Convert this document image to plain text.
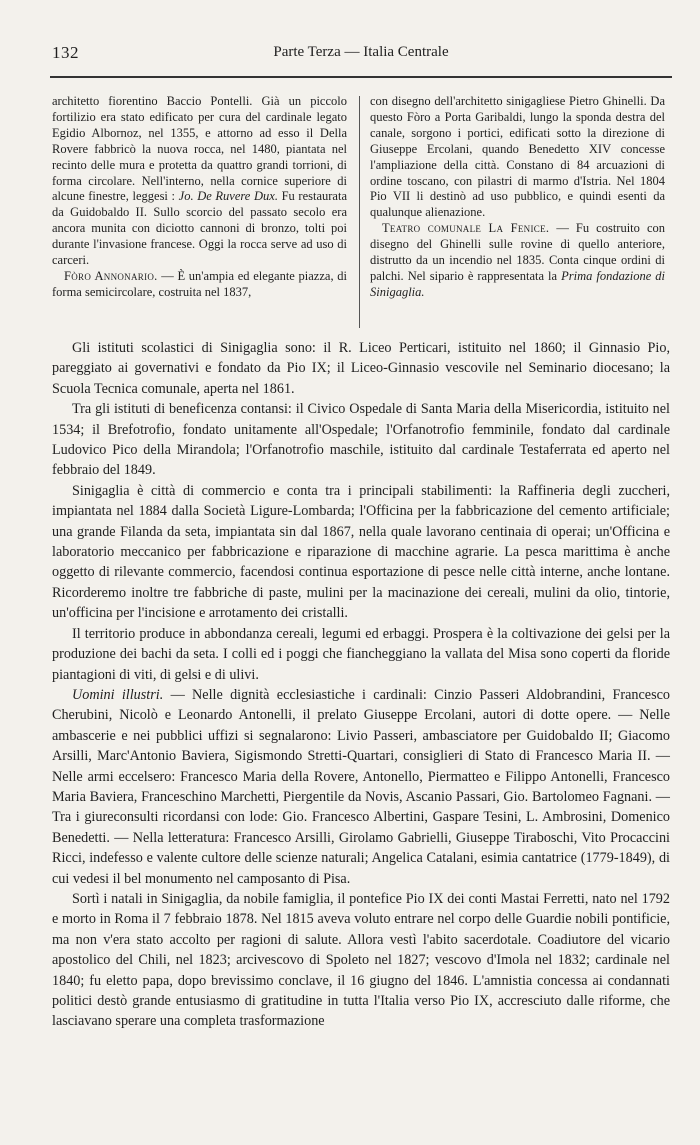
132	Parte Terza — Italia Centrale

architetto fiorentino Baccio Pontelli. Già un piccolo fortilizio era stato edificato per cura del cardinale legato Egidio Albornoz, nel 1355, e attorno ad esso il Della Rovere fabbricò la nuova rocca, nel 1480, piantata nel recinto delle mura e protetta da quattro grandi torrioni, di forma circolare. Nell'interno, nella cornice superiore di alcune finestre, leggesi : Jo. De Ruvere Dux. Fu restaurata da Guidobaldo II. Sullo scorcio del passato secolo era ancora munita con diciotto cannoni di bronzo, tolti poi durante l'invasione francese. Oggi la rocca serve ad uso di carceri.

Fòro Annonario. — È un'ampia ed elegante piazza, di forma semicircolare, costruita nel 1837,

con disegno dell'architetto sinigagliese Pietro Ghinelli. Da questo Fòro a Porta Garibaldi, lungo la sponda destra del canale, sorgono i portici, edificati sotto la direzione di Giuseppe Ercolani, quando Benedetto XIV concesse l'ampliazione della città. Constano di 84 arcuazioni di ordine toscano, con pilastri di marmo d'Istria. Nel 1804 Pio VII li destinò ad uso pubblico, e quindi esenti da qualunque alienazione.

Teatro comunale La Fenice. — Fu costruito con disegno del Ghinelli sulle rovine di quello anteriore, distrutto da un incendio nel 1835. Conta cinque ordini di palchi. Nel sipario è rappresentata la Prima fondazione di Sinigaglia.

Gli istituti scolastici di Sinigaglia sono: il R. Liceo Perticari, istituito nel 1860; il Ginnasio Pio, pareggiato ai governativi e fondato da Pio IX; il Liceo-Ginnasio vescovile nel Seminario diocesano; la Scuola Tecnica comunale, aperta nel 1861.

Tra gli istituti di beneficenza contansi: il Civico Ospedale di Santa Maria della Misericordia, istituito nel 1534; il Brefotrofio, fondato unitamente all'Ospedale; l'Orfanotrofio femminile, fondato dal cardinale Ludovico Pico della Mirandola; l'Orfanotrofio maschile, istituito dal cardinale Testaferrata ed aperto nel febbraio del 1849.

Sinigaglia è città di commercio e conta tra i principali stabilimenti: la Raffineria degli zuccheri, impiantata nel 1884 dalla Società Ligure-Lombarda; l'Officina per la fabbricazione del cemento artificiale; una grande Filanda da seta, impiantata sin dal 1867, nella quale lavorano centinaia di operai; un'Officina e laboratorio meccanico per fabbricazione e riparazione di macchine agrarie. La pesca marittima è anche oggetto di rilevante commercio, facendosi continua esportazione di pesce nelle città interne, anche lontane. Ricorderemo inoltre tre fabbriche di paste, mulini per la macinazione dei cereali, mulini da olio, tintorie, un'officina per l'incisione e arrotamento dei cristalli.

Il territorio produce in abbondanza cereali, legumi ed erbaggi. Prospera è la coltivazione dei gelsi per la produzione dei bachi da seta. I colli ed i poggi che fiancheggiano la vallata del Misa sono coperti da floride piantagioni di viti, di gelsi e di ulivi.

Uomini illustri. — Nelle dignità ecclesiastiche i cardinali: Cinzio Passeri Aldobrandini, Francesco Cherubini, Nicolò e Leonardo Antonelli, il prelato Giuseppe Ercolani, autori di dotte opere. — Nelle ambascerie e nei pubblici uffizi si segnalarono: Livio Passeri, ambasciatore per Guidobaldo II; Giacomo Arsilli, Marc'Antonio Baviera, Sigismondo Stretti-Quartari, consiglieri di Stato di Francesco Maria II. — Nelle armi eccelsero: Francesco Maria della Rovere, Antonello, Piermatteo e Filippo Antonelli, Francesco Maria Baviera, Franceschino Marchetti, Piergentile da Novis, Ascanio Passari, Gio. Bartolomeo Fagnani. — Tra i giureconsulti ricordansi con lode: Gio. Francesco Albertini, Gaspare Tesini, L. Ambrosini, Domenico Benedetti. — Nella letteratura: Francesco Arsilli, Girolamo Gabrielli, Giuseppe Tiraboschi, Vito Procaccini Ricci, indefesso e valente cultore delle scienze naturali; Angelica Catalani, esimia cantatrice (1779-1849), di cui vedesi il bel monumento nel camposanto di Pisa.

Sortì i natali in Sinigaglia, da nobile famiglia, il pontefice Pio IX dei conti Mastai Ferretti, nato nel 1792 e morto in Roma il 7 febbraio 1878. Nel 1815 aveva voluto entrare nel corpo delle Guardie nobili pontificie, ma non v'era stato accolto per ragioni di salute. Allora vestì l'abito sacerdotale. Coadiutore del vicario apostolico del Chili, nel 1823; arcivescovo di Spoleto nel 1827; vescovo d'Imola nel 1832; cardinale nel 1840; fu eletto papa, dopo brevissimo conclave, il 16 giugno del 1846. L'amnistia concessa ai condannati politici destò grande entusiasmo di gratitudine in tutta l'Italia verso Pio IX, accresciuto dalle riforme, che lasciavano sperare una completa trasformazione
